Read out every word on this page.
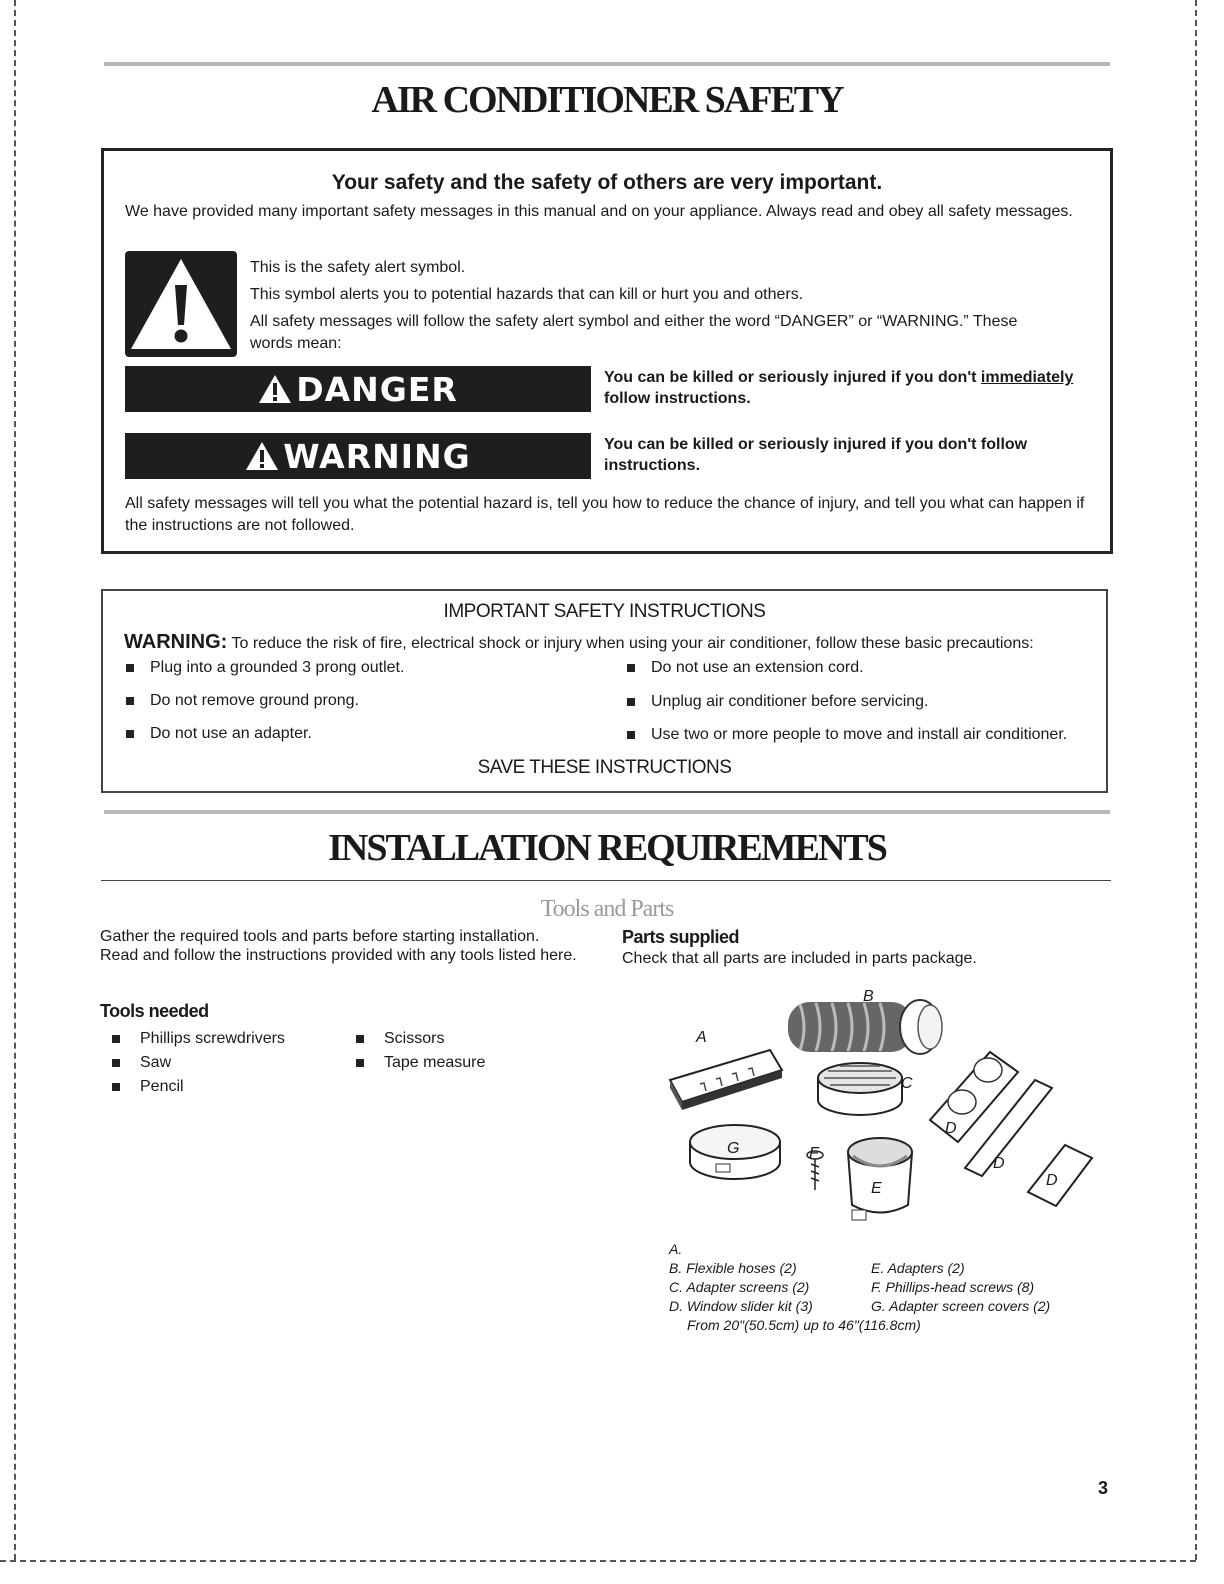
AIR CONDITIONER SAFETY
Your safety and the safety of others are very important.
We have provided many important safety messages in this manual and on your appliance. Always read and obey all safety messages.
This is the safety alert symbol.
This symbol alerts you to potential hazards that can kill or hurt you and others.
All safety messages will follow the safety alert symbol and either the word “DANGER” or “WARNING.” These words mean:
DANGER	You can be killed or seriously injured if you don't immediately follow instructions.
WARNING	You can be killed or seriously injured if you don't follow instructions.
All safety messages will tell you what the potential hazard is, tell you how to reduce the chance of injury, and tell you what can happen if the instructions are not followed.
IMPORTANT SAFETY INSTRUCTIONS
WARNING: To reduce the risk of fire, electrical shock or injury when using your air conditioner, follow these basic precautions:
Plug into a grounded 3 prong outlet.
Do not remove ground prong.
Do not use an adapter.
Do not use an extension cord.
Unplug air conditioner before servicing.
Use two or more people to move and install air conditioner.
SAVE THESE INSTRUCTIONS
INSTALLATION REQUIREMENTS
Tools and Parts
Gather the required tools and parts before starting installation. Read and follow the instructions provided with any tools listed here.
Tools needed
Phillips screwdrivers
Saw
Pencil
Scissors
Tape measure
Parts supplied
Check that all parts are included in parts package.
B
A
C
D
D
D
G	F
E
A.
B. Flexible hoses (2)
C. Adapter screens (2)
D. Window slider kit (3)
E. Adapters (2)
F. Phillips-head screws (8)
G. Adapter screen covers (2)
From 20"(50.5cm) up to 46"(116.8cm)
3
